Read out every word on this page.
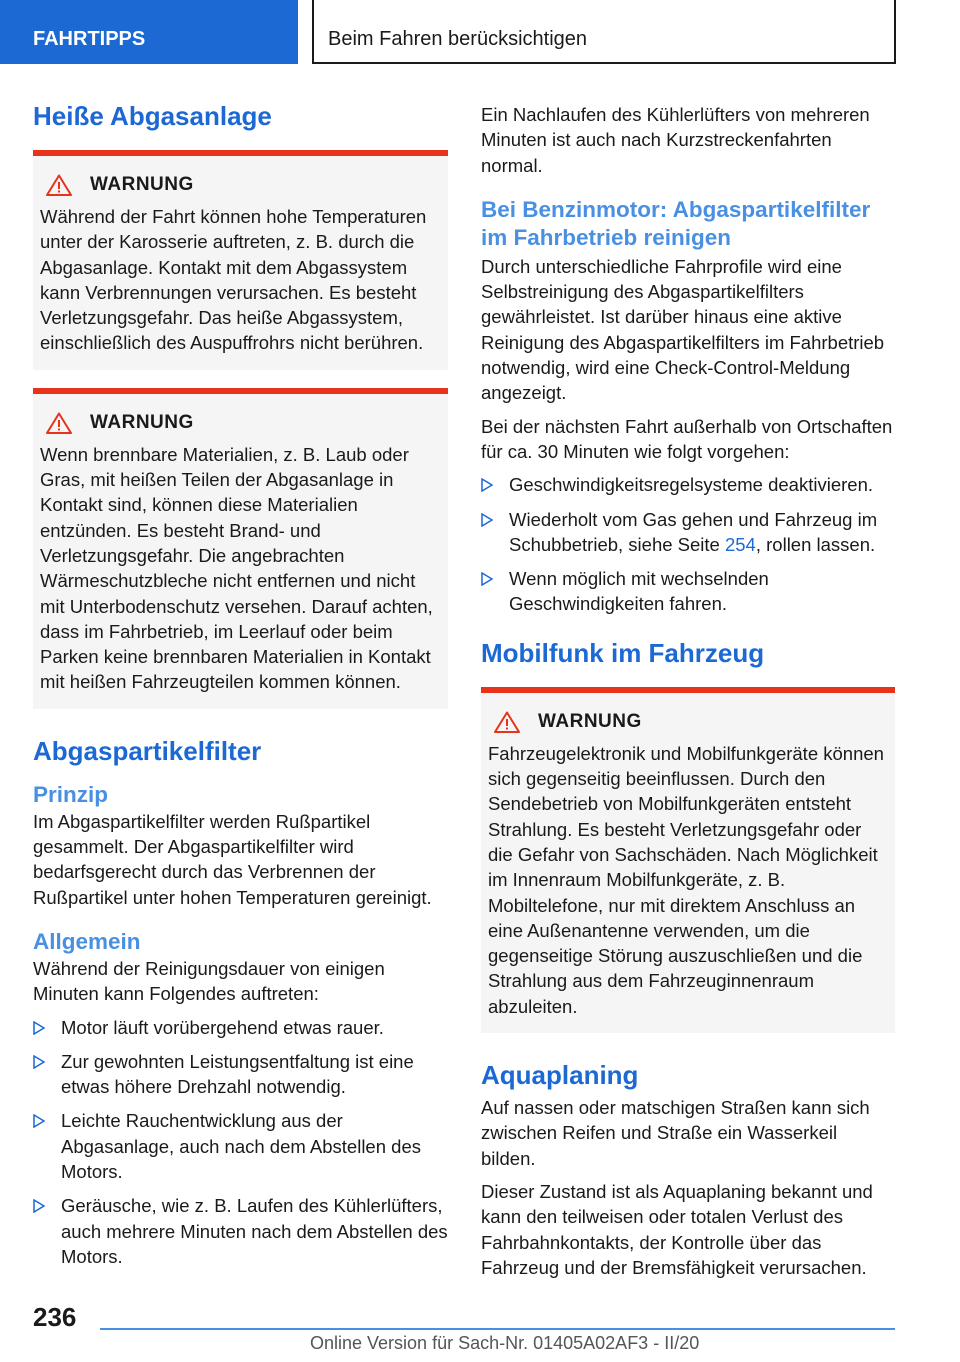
FAHRTIPPS	Beim Fahren berücksichtigen
Heiße Abgasanlage
WARNUNG

Während der Fahrt können hohe Temperaturen unter der Karosserie auftreten, z. B. durch die Abgasanlage. Kontakt mit dem Abgassystem kann Verbrennungen verursachen. Es besteht Verletzungsgefahr. Das heiße Abgassystem, einschließlich des Auspuffrohrs nicht berühren.

WARNUNG

Wenn brennbare Materialien, z. B. Laub oder Gras, mit heißen Teilen der Abgasanlage in Kontakt sind, können diese Materialien entzünden. Es besteht Brand- und Verletzungsgefahr. Die angebrachten Wärmeschutzbleche nicht entfernen und nicht mit Unterbodenschutz versehen. Darauf achten, dass im Fahrbetrieb, im Leerlauf oder beim Parken keine brennbaren Materialien in Kontakt mit heißen Fahrzeugteilen kommen können.

Abgaspartikelfilter
Prinzip

Im Abgaspartikelfilter werden Rußpartikel gesammelt. Der Abgaspartikelfilter wird bedarfsgerecht durch das Verbrennen der Rußpartikel unter hohen Temperaturen gereinigt.

Allgemein

Während der Reinigungsdauer von einigen Minuten kann Folgendes auftreten:

Motor läuft vorübergehend etwas rauer.
Zur gewohnten Leistungsentfaltung ist eine etwas höhere Drehzahl notwendig.
Leichte Rauchentwicklung aus der Abgasanlage, auch nach dem Abstellen des Motors.
Geräusche, wie z. B. Laufen des Kühlerlüfters, auch mehrere Minuten nach dem Abstellen des Motors.

Ein Nachlaufen des Kühlerlüfters von mehreren Minuten ist auch nach Kurzstreckenfahrten normal.

Bei Benzinmotor: Abgaspartikelfilter im Fahrbetrieb reinigen

Durch unterschiedliche Fahrprofile wird eine Selbstreinigung des Abgaspartikelfilters gewährleistet. Ist darüber hinaus eine aktive Reinigung des Abgaspartikelfilters im Fahrbetrieb notwendig, wird eine Check-Control-Meldung angezeigt.

Bei der nächsten Fahrt außerhalb von Ortschaften für ca. 30 Minuten wie folgt vorgehen:

Geschwindigkeitsregelsysteme deaktivieren.
Wiederholt vom Gas gehen und Fahrzeug im Schubbetrieb, siehe Seite 254, rollen lassen.
Wenn möglich mit wechselnden Geschwindigkeiten fahren.
Mobilfunk im Fahrzeug
WARNUNG

Fahrzeugelektronik und Mobilfunkgeräte können sich gegenseitig beeinflussen. Durch den Sendebetrieb von Mobilfunkgeräten entsteht Strahlung. Es besteht Verletzungsgefahr oder die Gefahr von Sachschäden. Nach Möglichkeit im Innenraum Mobilfunkgeräte, z. B. Mobiltelefone, nur mit direktem Anschluss an eine Außenantenne verwenden, um die gegenseitige Störung auszuschließen und die Strahlung aus dem Fahrzeuginnenraum abzuleiten.

Aquaplaning

Auf nassen oder matschigen Straßen kann sich zwischen Reifen und Straße ein Wasserkeil bilden.

Dieser Zustand ist als Aquaplaning bekannt und kann den teilweisen oder totalen Verlust des Fahrbahnkontakts, der Kontrolle über das Fahrzeug und der Bremsfähigkeit verursachen.

236
Online Version für Sach-Nr. 01405A02AF3 - II/20
